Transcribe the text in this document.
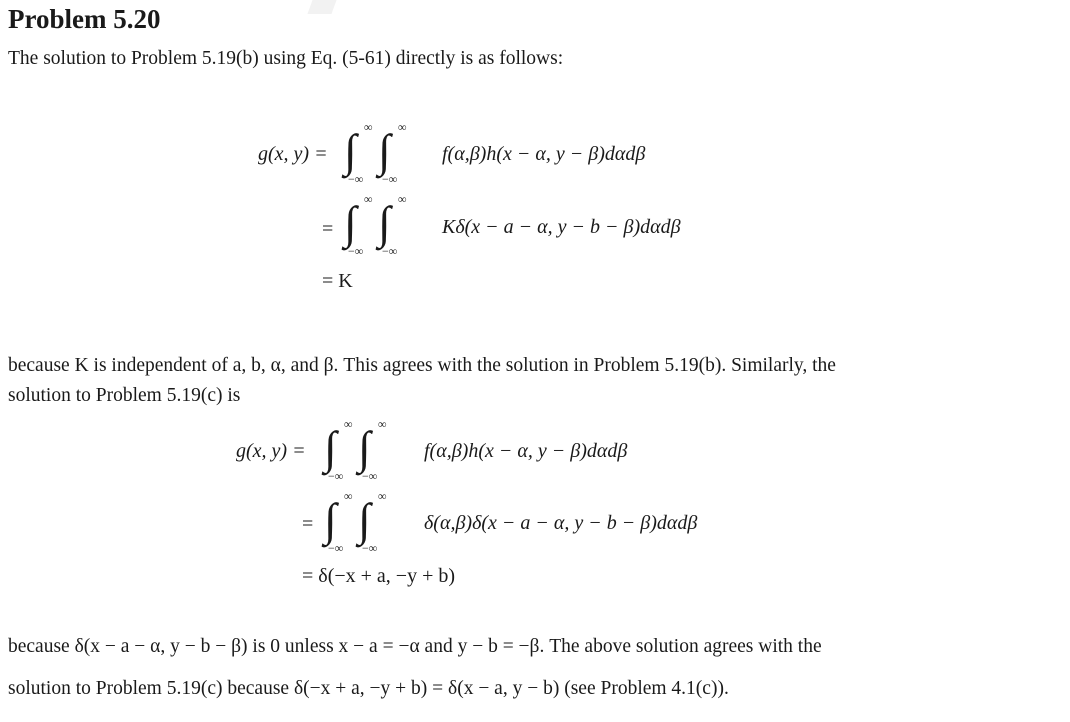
Problem 5.20
The solution to Problem 5.19(b) using Eq. (5-61) directly is as follows:
g(x, y) = ∫ ∞
−∞
∫ ∞
−∞
f(α,β)h(x − α, y − β)dαdβ
= ∫ ∞
−∞
∫ ∞
−∞
Kδ(x − a − α, y − b − β)dαdβ
= K
because K is independent of a, b, α, and β. This agrees with the solution in Problem 5.19(b). Similarly, the
solution to Problem 5.19(c) is
g(x, y) = ∫ ∞
−∞
∫ ∞
−∞
f(α,β)h(x − α, y − β)dαdβ
= ∫ ∞
−∞
∫ ∞
−∞
δ(α,β)δ(x − a − α, y − b − β)dαdβ
= δ(−x + a, −y + b)
because δ(x − a − α, y − b − β) is 0 unless x − a = −α and y − b = −β. The above solution agrees with the
solution to Problem 5.19(c) because δ(−x + a, −y + b) = δ(x − a, y − b) (see Problem 4.1(c)).
